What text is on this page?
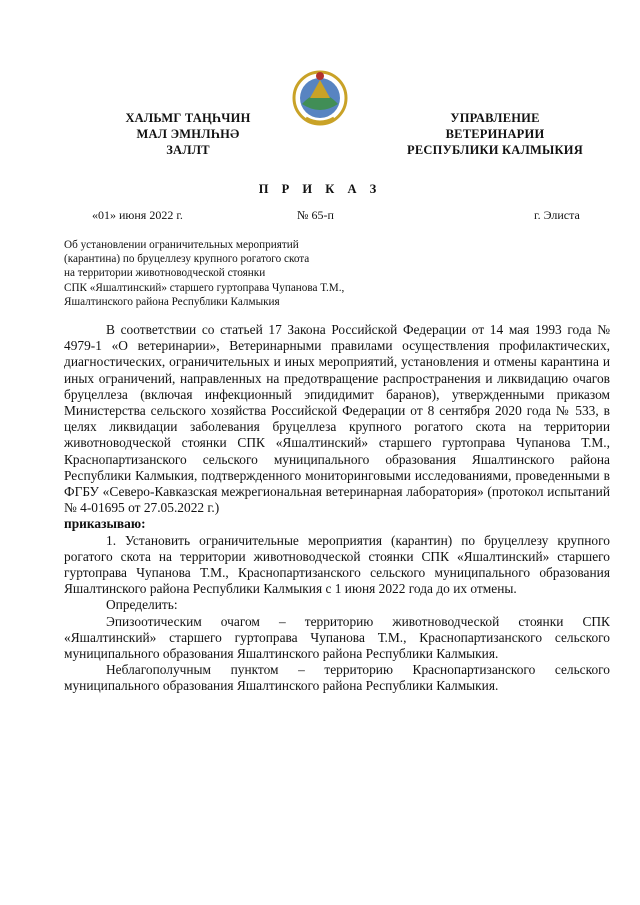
ХАЛЬМГ ТАҢҺЧИН
МАЛ ЭМНЛҺНӘ
ЗАЛЛТ
УПРАВЛЕНИЕ
ВЕТЕРИНАРИИ
РЕСПУБЛИКИ КАЛМЫКИЯ
П Р И К А З
«01» июня 2022 г.	№ 65-п	г. Элиста
Об установлении ограничительных мероприятий
(карантина) по бруцеллезу крупного рогатого скота
на территории животноводческой стоянки
СПК «Яшалтинский» старшего гуртоправа Чупанова Т.М.,
Яшалтинского района Республики Калмыкия

В соответствии со статьей 17 Закона Российской Федерации от 14 мая 1993 года № 4979-1 «О ветеринарии», Ветеринарными правилами осуществления профилактических, диагностических, ограничительных и иных мероприятий, установления и отмены карантина и иных ограничений, направленных на предотвращение распространения и ликвидацию очагов бруцеллеза (включая инфекционный эпидидимит баранов), утвержденными приказом Министерства сельского хозяйства Российской Федерации от 8 сентября 2020 года № 533, в целях ликвидации заболевания бруцеллеза крупного рогатого скота на территории животноводческой стоянки СПК «Яшалтинский» старшего гуртоправа Чупанова Т.М., Краснопартизанского сельского муниципального образования Яшалтинского района Республики Калмыкия, подтвержденного мониторинговыми исследованиями, проведенными в ФГБУ «Северо-Кавказская межрегиональная ветеринарная лаборатория» (протокол испытаний № 4-01695 от 27.05.2022 г.)

приказываю:

1. Установить ограничительные мероприятия (карантин) по бруцеллезу крупного рогатого скота на территории животноводческой стоянки СПК «Яшалтинский» старшего гуртоправа Чупанова Т.М., Краснопартизанского сельского муниципального образования Яшалтинского района Республики Калмыкия с 1 июня 2022 года до их отмены.

Определить:

Эпизоотическим очагом – территорию животноводческой стоянки СПК «Яшалтинский» старшего гуртоправа Чупанова Т.М., Краснопартизанского сельского муниципального образования Яшалтинского района Республики Калмыкия.

Неблагополучным пунктом – территорию Краснопартизанского сельского муниципального образования Яшалтинского района Республики Калмыкия.
